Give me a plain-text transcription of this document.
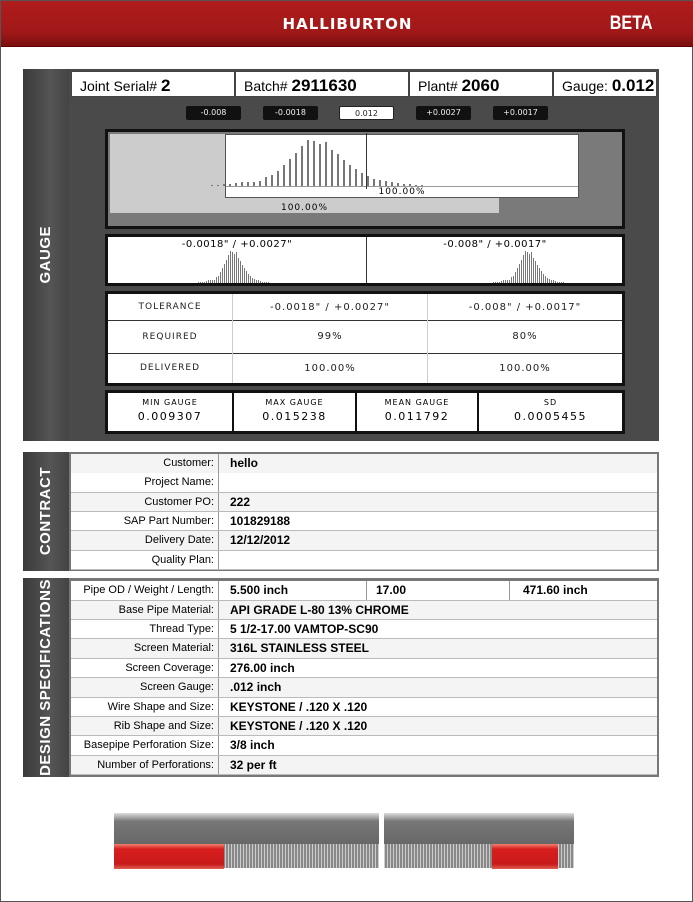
HALLIBURTON	BETA
GAUGE
Joint Serial# 2	Batch# 2911630	Plant# 2060	Gauge: 0.012
-0.008	-0.0018	0.012	+0.0027	+0.0017
100.00%
100.00%
-0.0018" / +0.0027"	-0.008" / +0.0017"
TOLERANCE	-0.0018" / +0.0027"	-0.008" / +0.0017"
REQUIRED	99%	80%
DELIVERED	100.00%	100.00%
MIN GAUGE
0.009307
MAX GAUGE
0.015238
MEAN GAUGE
0.011792
SD
0.0005455
CONTRACT
Customer:	hello
Project Name:
Customer PO:	222
SAP Part Number:	101829188
Delivery Date:	12/12/2012
Quality Plan:
DESIGN SPECIFICATIONS	Pipe OD / Weight / Length:	5.500 inch	17.00	471.60 inch
Base Pipe Material:	API GRADE L-80 13% CHROME
Thread Type:	5 1/2-17.00 VAMTOP-SC90
Screen Material:	316L STAINLESS STEEL
Screen Coverage:	276.00 inch
Screen Gauge:	.012 inch
Wire Shape and Size:	KEYSTONE / .120 X .120
Rib Shape and Size:	KEYSTONE / .120 X .120
Basepipe Perforation Size:	3/8 inch
Number of Perforations:	32 per ft
